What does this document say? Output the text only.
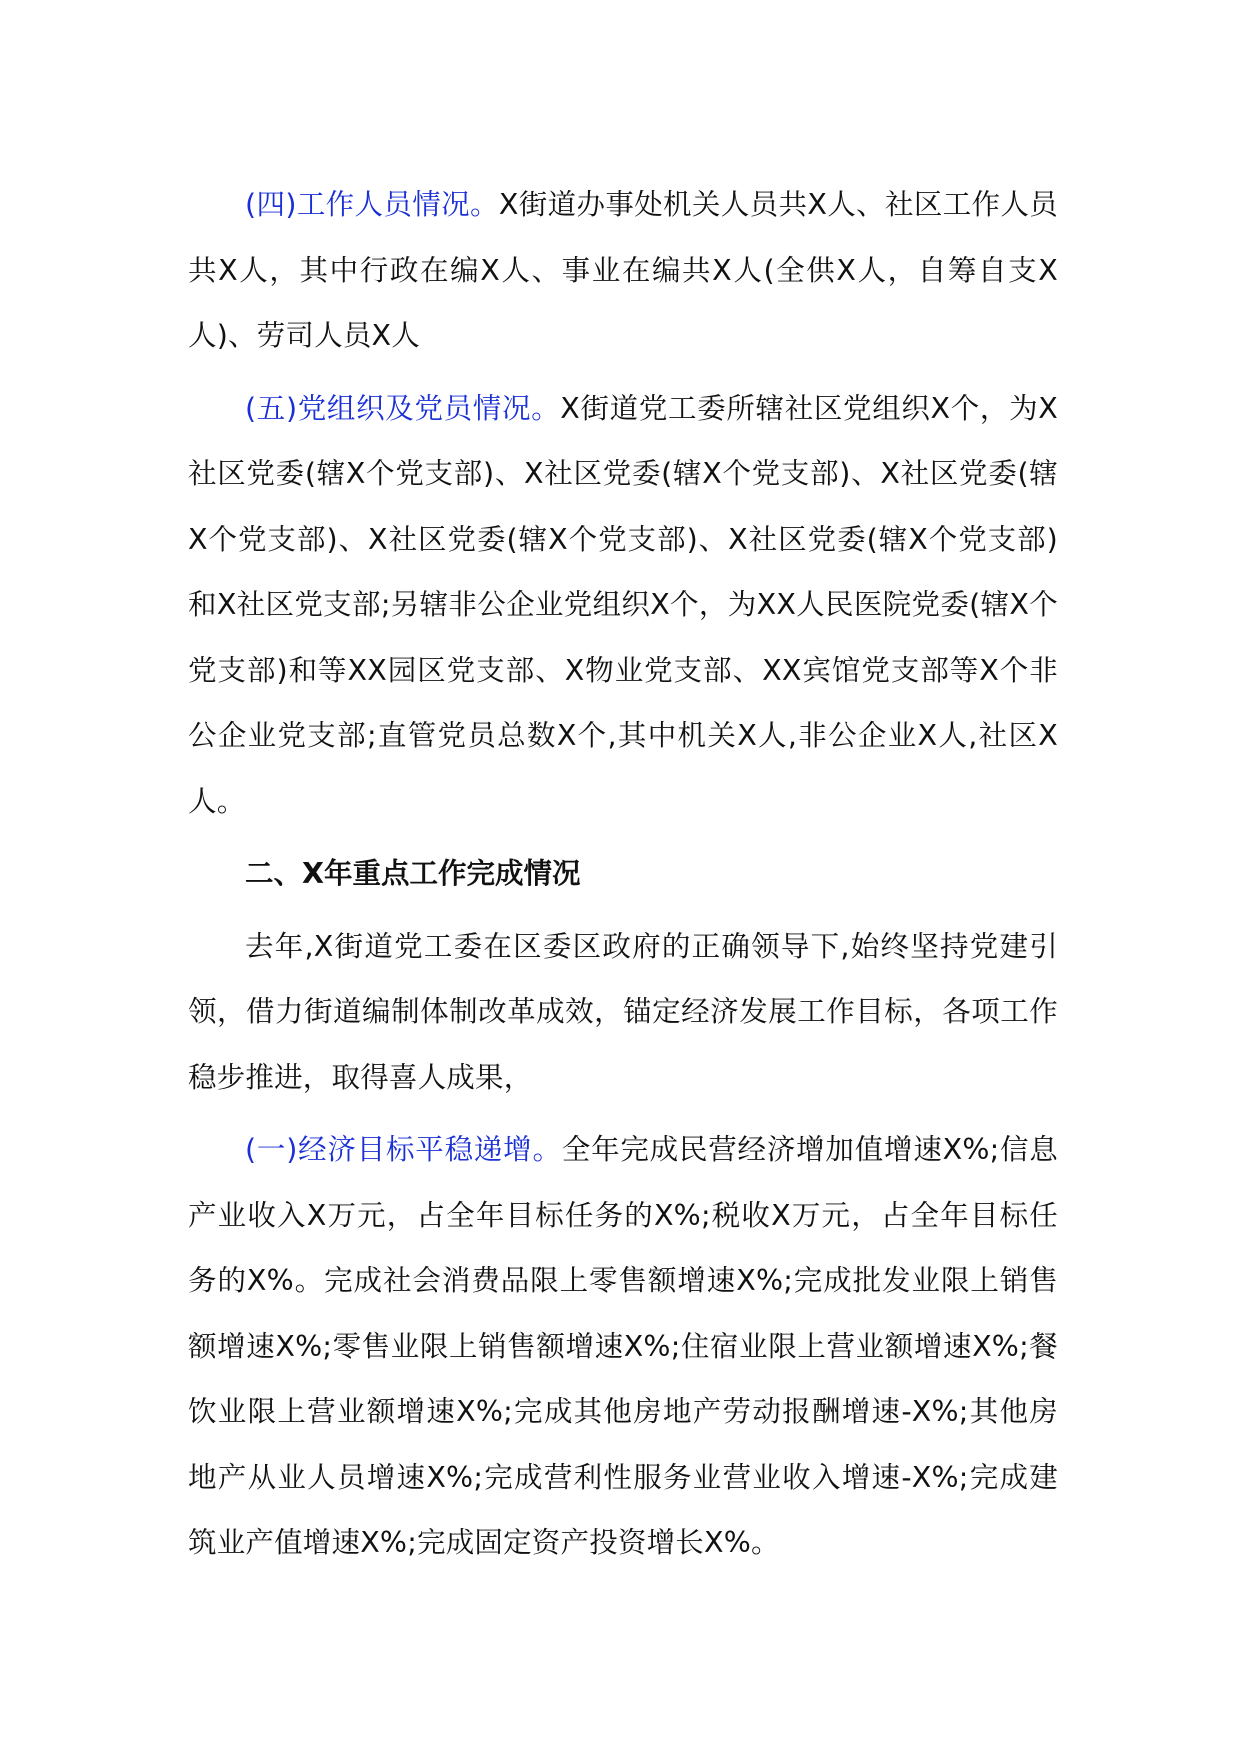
(四)工作人员情况。X街道办事处机关人员共X人、社区工作人员共X人，其中行政在编X人、事业在编共X人(全供X人，自筹自支X人)、劳司人员X人

(五)党组织及党员情况。X街道党工委所辖社区党组织X个，为X社区党委(辖X个党支部)、X社区党委(辖X个党支部)、X社区党委(辖X个党支部)、X社区党委(辖X个党支部)、X社区党委(辖X个党支部)和X社区党支部;另辖非公企业党组织X个，为XX人民医院党委(辖X个党支部)和等XX园区党支部、X物业党支部、XX宾馆党支部等X个非公企业党支部;直管党员总数X个,其中机关X人,非公企业X人,社区X人。

二、X年重点工作完成情况

去年,X街道党工委在区委区政府的正确领导下,始终坚持党建引领，借力街道编制体制改革成效，锚定经济发展工作目标，各项工作稳步推进，取得喜人成果，

(一)经济目标平稳递增。全年完成民营经济增加值增速X%;信息产业收入X万元，占全年目标任务的X%;税收X万元，占全年目标任务的X%。完成社会消费品限上零售额增速X%;完成批发业限上销售额增速X%;零售业限上销售额增速X%;住宿业限上营业额增速X%;餐饮业限上营业额增速X%;完成其他房地产劳动报酬增速-X%;其他房地产从业人员增速X%;完成营利性服务业营业收入增速-X%;完成建筑业产值增速X%;完成固定资产投资增长X%。
